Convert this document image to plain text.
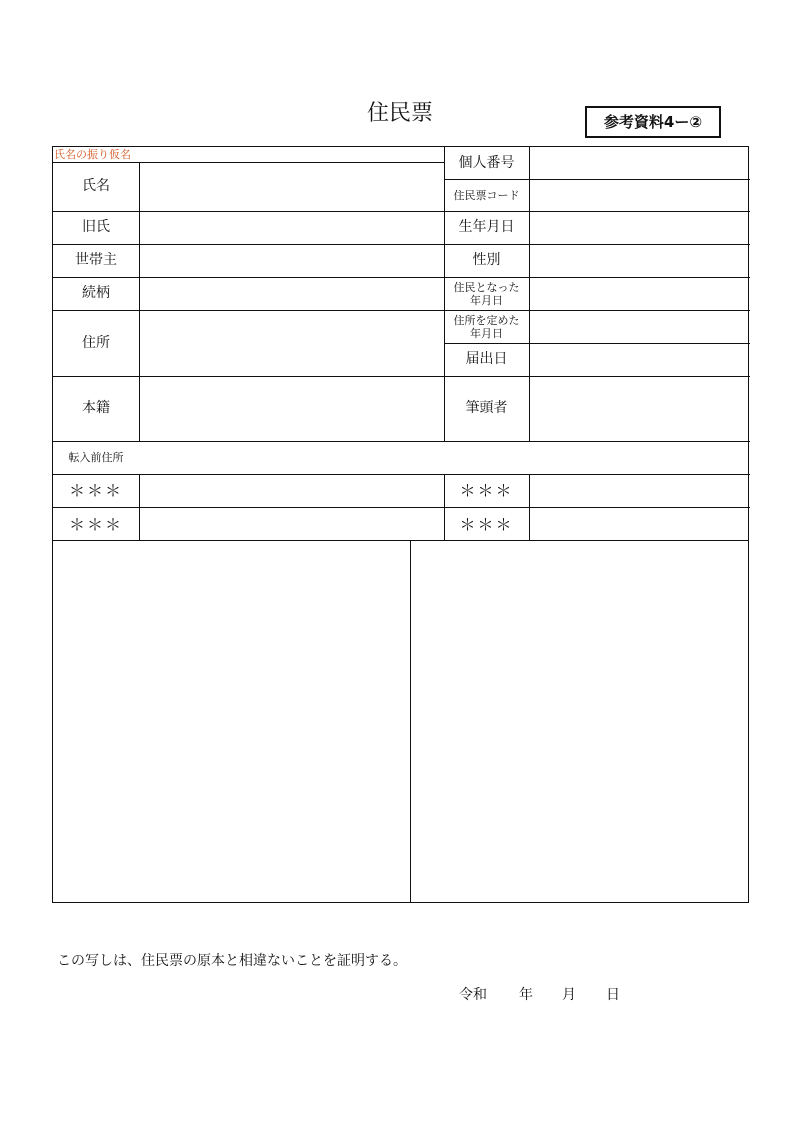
住民票	参考資料4ー②
氏名の振り仮名
氏名
旧氏
世帯主
続柄
住所
本籍
転入前住所
＊＊＊
＊＊＊
個人番号
住民票コード
生年月日
性別
住民となった
年月日
住所を定めた
年月日
届出日
筆頭者
＊＊＊
＊＊＊
この写しは、住民票の原本と相違ないことを証明する。
令和 年 月 日
